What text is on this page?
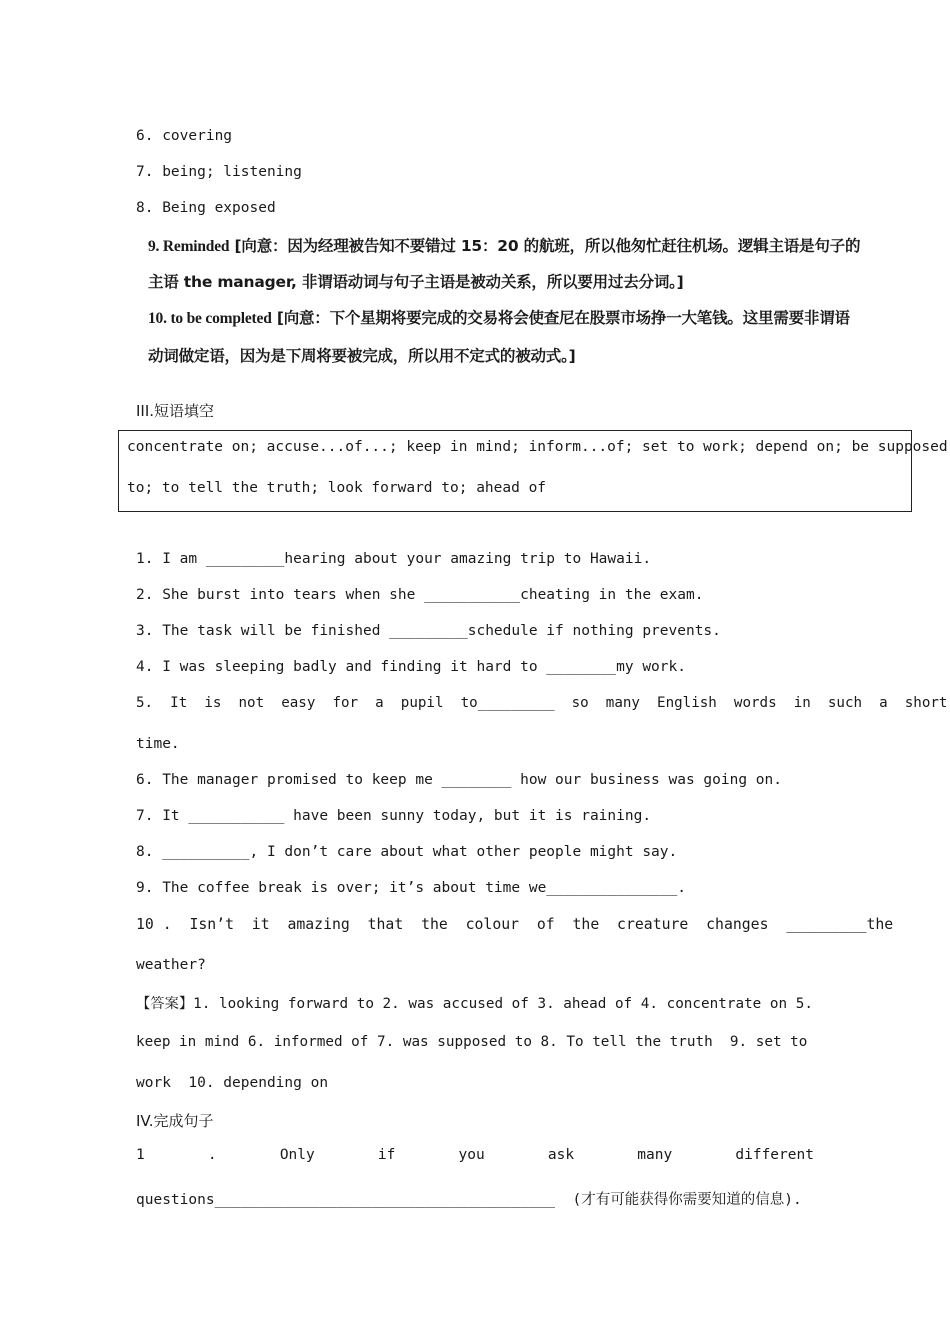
6. covering
7. being; listening
8. Being exposed
9. Reminded [向意：因为经理被告知不要错过 15：20 的航班，所以他匆忙赶往机场。逻辑主语是句子的
主语 the manager, 非谓语动词与句子主语是被动关系，所以要用过去分词。]
10. to be completed [向意：下个星期将要完成的交易将会使查尼在股票市场挣一大笔钱。这里需要非谓语
动词做定语，因为是下周将要被完成，所以用不定式的被动式。]
III.短语填空
concentrate on; accuse...of...; keep in mind; inform...of; set to work; depend on; be supposed
to; to tell the truth; look forward to; ahead of
1. I am _________hearing about your amazing trip to Hawaii.
2. She burst into tears when she ___________cheating in the exam.
3. The task will be finished _________schedule if nothing prevents.
4. I was sleeping badly and finding it hard to ________my work.
5.  It  is  not  easy  for  a  pupil  to_________  so  many  English  words  in  such  a  short
time.
6. The manager promised to keep me ________ how our business was going on.
7. It ___________ have been sunny today, but it is raining.
8. __________, I don’t care about what other people might say.
9. The coffee break is over; it’s about time we_______________.
10 .  Isn’t  it  amazing  that  the  colour  of  the  creature  changes  _________the
weather?
【答案】1. looking forward to 2. was accused of 3. ahead of 4. concentrate on 5.
keep in mind 6. informed of 7. was supposed to 8. To tell the truth  9. set to
work  10. depending on
IV.完成句子
1	.	Only	if	you	ask	many	different
questions_______________________________________  (才有可能获得你需要知道的信息).
